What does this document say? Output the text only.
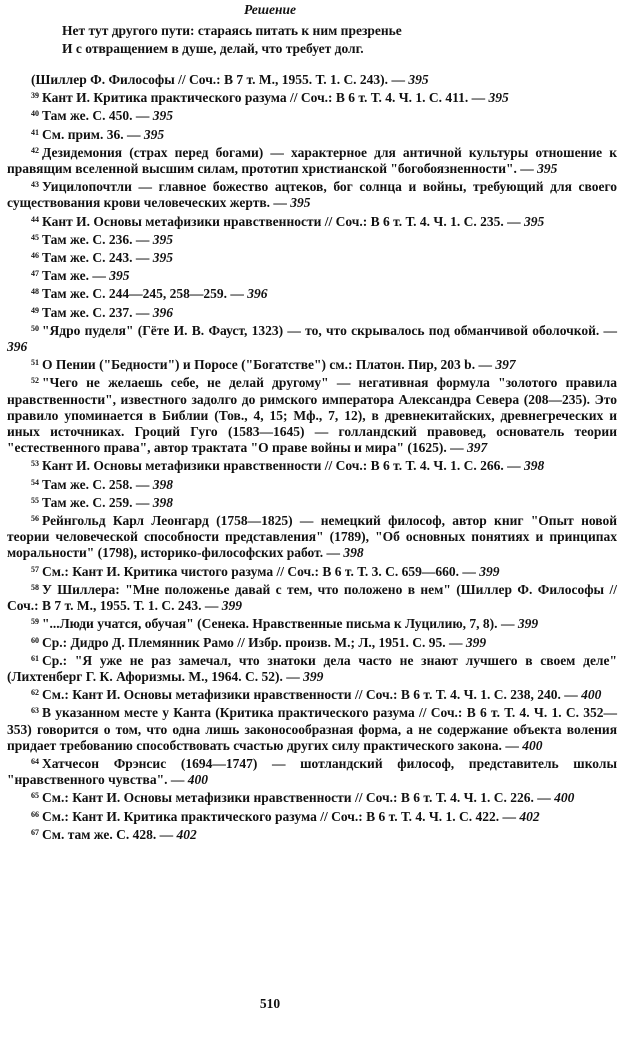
Решение
Нет тут другого пути: стараясь питать к ним презренье
И с отвращением в душе, делай, что требует долг.

(Шиллер Ф. Философы // Соч.: В 7 т. М., 1955. Т. 1. С. 243). — 395

$^{39}$ Кант И. Критика практического разума // Соч.: В 6 т. Т. 4. Ч. 1. С. 411. — 395

$^{40}$ Там же. С. 450. — 395

$^{41}$ См. прим. 36. — 395

$^{42}$ Дезидемония (страх перед богами) — характерное для античной культуры отношение к правящим вселенной высшим силам, прототип христианской "богобоязненности". — 395

$^{43}$ Уицилопочтли — главное божество ацтеков, бог солнца и войны, требующий для своего существования крови человеческих жертв. — 395

$^{44}$ Кант И. Основы метафизики нравственности // Соч.: В 6 т. Т. 4. Ч. 1. С. 235. — 395

$^{45}$ Там же. С. 236. — 395

$^{46}$ Там же. С. 243. — 395

$^{47}$ Там же. — 395

$^{48}$ Там же. С. 244—245, 258—259. — 396

$^{49}$ Там же. С. 237. — 396

$^{50}$ "Ядро пуделя" (Гёте И. В. Фауст, 1323) — то, что скрывалось под обманчивой оболочкой. — 396

$^{51}$ О Пении ("Бедности") и Поросе ("Богатстве") см.: Платон. Пир, 203 b. — 397

$^{52}$ "Чего не желаешь себе, не делай другому" — негативная формула "золотого правила нравственности", известного задолго до римского императора Александра Севера (208—235). Это правило упоминается в Библии (Тов., 4, 15; Мф., 7, 12), в древнекитайских, древнегреческих и иных источниках. Гроций Гуго (1583—1645) — голландский правовед, основатель теории "естественного права", автор трактата "О праве войны и мира" (1625). — 397

$^{53}$ Кант И. Основы метафизики нравственности // Соч.: В 6 т. Т. 4. Ч. 1. С. 266. — 398

$^{54}$ Там же. С. 258. — 398

$^{55}$ Там же. С. 259. — 398

$^{56}$ Рейнгольд Карл Леонгард (1758—1825) — немецкий философ, автор книг "Опыт новой теории человеческой способности представления" (1789), "Об основных понятиях и принципах моральности" (1798), историко-философских работ. — 398

$^{57}$ См.: Кант И. Критика чистого разума // Соч.: В 6 т. Т. 3. С. 659—660. — 399

$^{58}$ У Шиллера: "Мне положенье давай с тем, что положено в нем" (Шиллер Ф. Философы // Соч.: В 7 т. М., 1955. Т. 1. С. 243. — 399

$^{59}$ "...Люди учатся, обучая" (Сенека. Нравственные письма к Луцилию, 7, 8). — 399

$^{60}$ Ср.: Дидро Д. Племянник Рамо // Избр. произв. М.; Л., 1951. С. 95. — 399

$^{61}$ Ср.: "Я уже не раз замечал, что знатоки дела часто не знают лучшего в своем деле" (Лихтенберг Г. К. Афоризмы. М., 1964. С. 52). — 399

$^{62}$ См.: Кант И. Основы метафизики нравственности // Соч.: В 6 т. Т. 4. Ч. 1. С. 238, 240. — 400

$^{63}$ В указанном месте у Канта (Критика практического разума // Соч.: В 6 т. Т. 4. Ч. 1. С. 352—353) говорится о том, что одна лишь законосообразная форма, а не содержание объекта воления придает требованию способствовать счастью других силу практического закона. — 400

$^{64}$ Хатчесон Фрэнсис (1694—1747) — шотландский философ, представитель школы "нравственного чувства". — 400

$^{65}$ См.: Кант И. Основы метафизики нравственности // Соч.: В 6 т. Т. 4. Ч. 1. С. 226. — 400

$^{66}$ См.: Кант И. Критика практического разума // Соч.: В 6 т. Т. 4. Ч. 1. С. 422. — 402

$^{67}$ См. там же. С. 428. — 402

510
